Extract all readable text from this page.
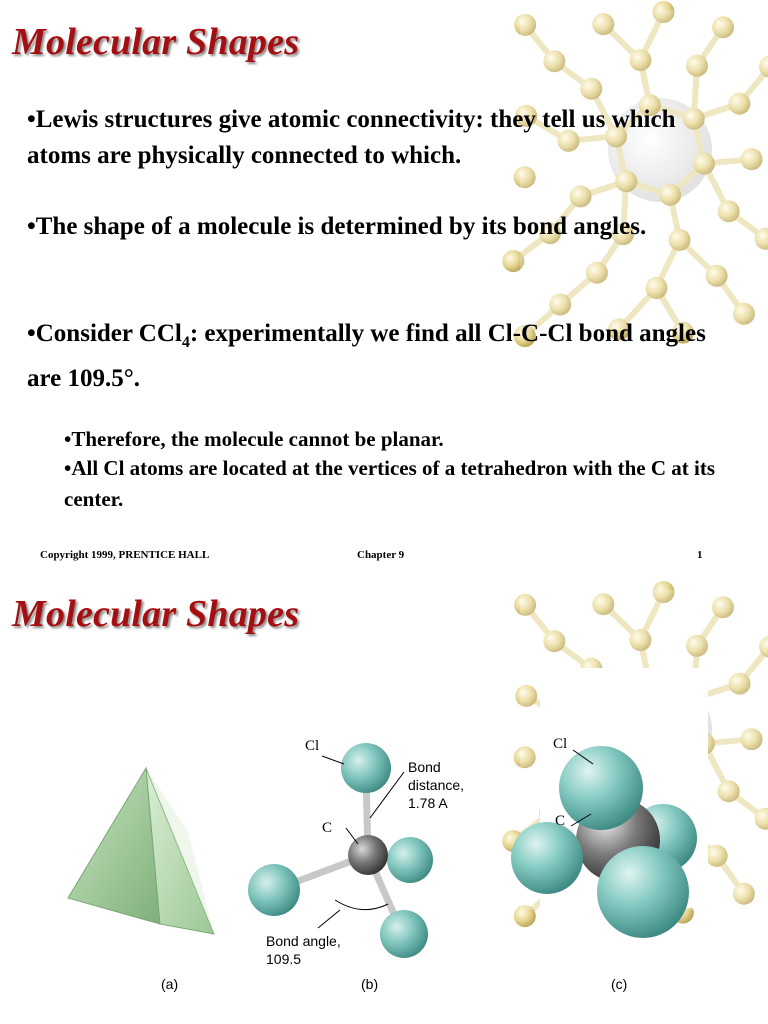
Molecular Shapes
•Lewis structures give atomic connectivity: they tell us which atoms are physically connected to which.
•The shape of a molecule is determined by its bond angles.
•Consider CCl$_4$: experimentally we find all Cl-C-Cl bond angles are 109.5°.
•Therefore, the molecule cannot be planar.
•All Cl atoms are located at the vertices of a tetrahedron with the C at its center.
Copyright 1999, PRENTICE HALL	Chapter 9	1
Molecular Shapes
(a)
Cl
C
Bond
distance,
1.78 A
Bond angle,
109.5
(b)
Cl
C
(c)
